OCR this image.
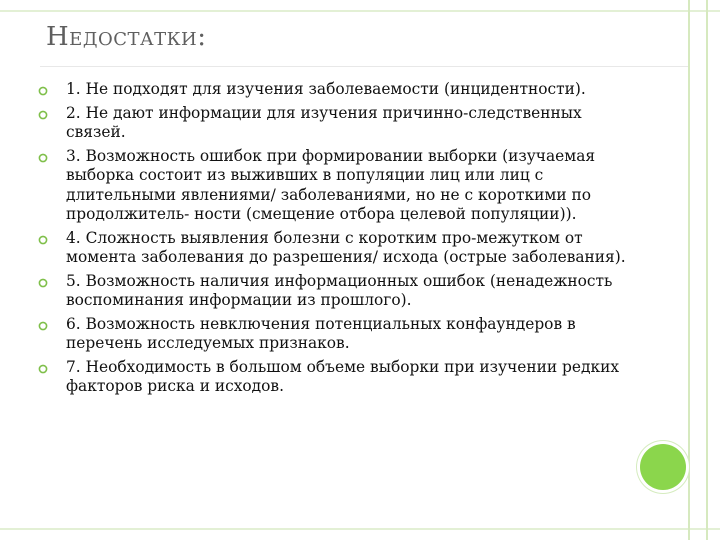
Недостатки:
1. Не подходят для изучения заболеваемости (инцидентности).
2. Не дают информации для изучения причинно-следственных связей.
3. Возможность ошибок при формировании выборки (изучаемая выборка состоит из выживших в популяции лиц или лиц с длительными явлениями/ заболеваниями, но не с короткими по продолжитель- ности (смещение отбора целевой популяции)).
4. Сложность выявления болезни с коротким про-межутком от момента заболевания до разрешения/ исхода (острые заболевания).
5. Возможность наличия информационных ошибок (ненадежность воспоминания информации из прошлого).
6. Возможность невключения потенциальных конфаундеров в перечень исследуемых признаков.
7. Необходимость в большом объеме выборки при изучении редких факторов риска и исходов.
